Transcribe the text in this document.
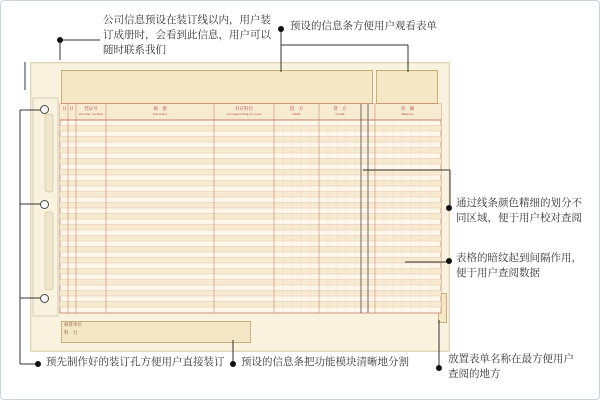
日 日	凭证号
Voucher number
摘　要
Summary
对应科目
Corresponding Account
借　方
Debit
贷　方
Credit
余　额
Balance
核算单位
科　目
公司信息预设在装订线以内，用户装订成册时，会看到此信息，用户可以随时联系我们
预设的信息条方便用户观看表单
通过线条颜色精细的划分不同区域，便于用户校对查阅
表格的暗纹起到间隔作用，便于用户查阅数据
预先制作好的装订孔方便用户直接装订	预设的信息条把功能模块清晰地分割	放置表单名称在最方便用户查阅的地方
